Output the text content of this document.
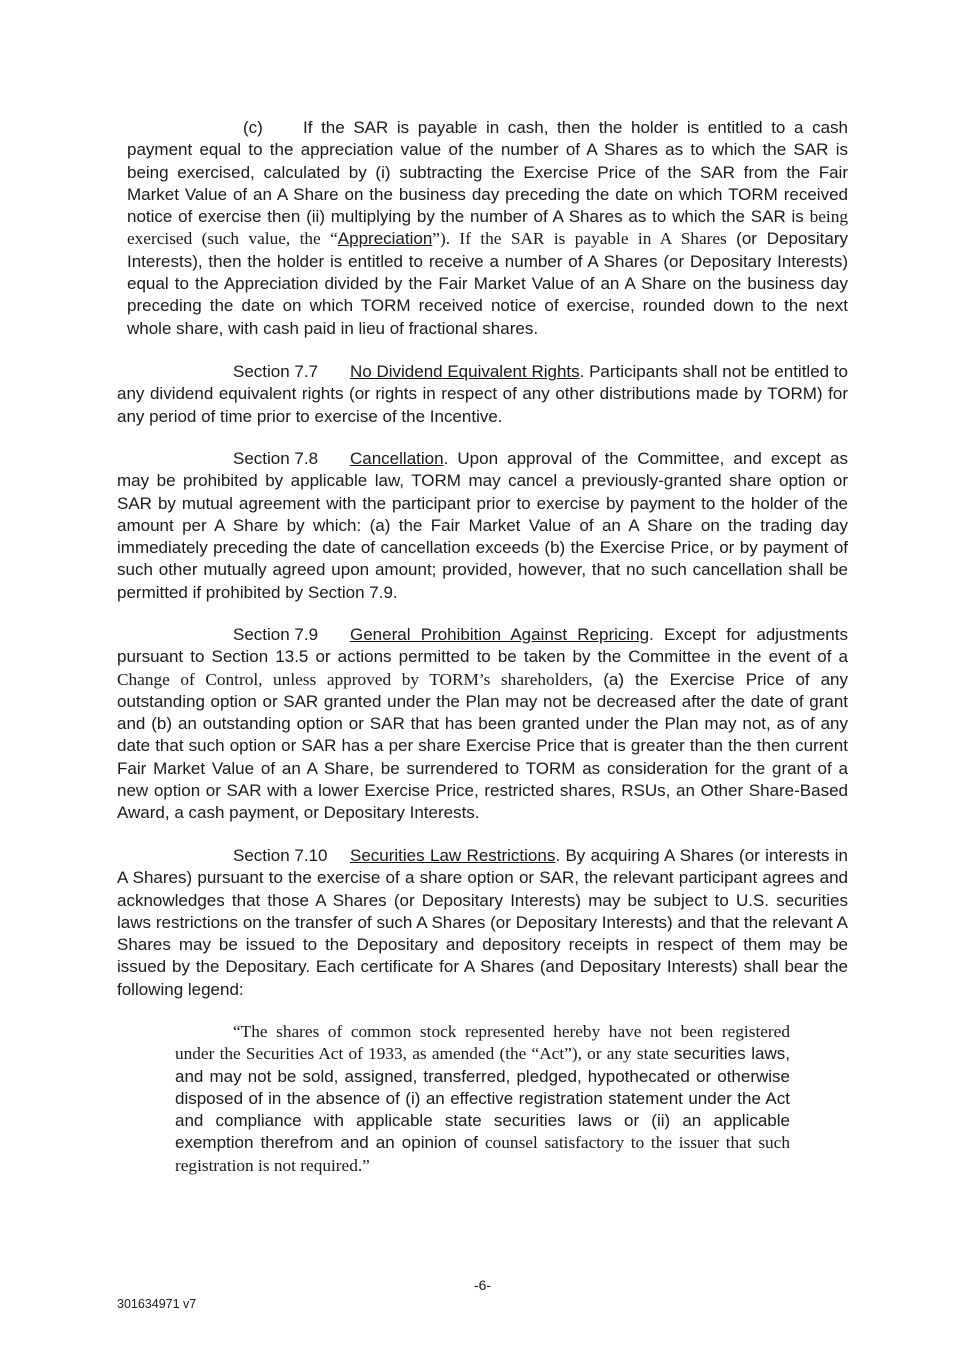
(c) If the SAR is payable in cash, then the holder is entitled to a cash payment equal to the appreciation value of the number of A Shares as to which the SAR is being exercised, calculated by (i) subtracting the Exercise Price of the SAR from the Fair Market Value of an A Share on the business day preceding the date on which TORM received notice of exercise then (ii) multiplying by the number of A Shares as to which the SAR is being exercised (such value, the “Appreciation”). If the SAR is payable in A Shares (or Depositary Interests), then the holder is entitled to receive a number of A Shares (or Depositary Interests) equal to the Appreciation divided by the Fair Market Value of an A Share on the business day preceding the date on which TORM received notice of exercise, rounded down to the next whole share, with cash paid in lieu of fractional shares.

Section 7.7 No Dividend Equivalent Rights. Participants shall not be entitled to any dividend equivalent rights (or rights in respect of any other distributions made by TORM) for any period of time prior to exercise of the Incentive.

Section 7.8 Cancellation. Upon approval of the Committee, and except as may be prohibited by applicable law, TORM may cancel a previously-granted share option or SAR by mutual agreement with the participant prior to exercise by payment to the holder of the amount per A Share by which: (a) the Fair Market Value of an A Share on the trading day immediately preceding the date of cancellation exceeds (b) the Exercise Price, or by payment of such other mutually agreed upon amount; provided, however, that no such cancellation shall be permitted if prohibited by Section 7.9.

Section 7.9 General Prohibition Against Repricing. Except for adjustments pursuant to Section 13.5 or actions permitted to be taken by the Committee in the event of a Change of Control, unless approved by TORM’s shareholders, (a) the Exercise Price of any outstanding option or SAR granted under the Plan may not be decreased after the date of grant and (b) an outstanding option or SAR that has been granted under the Plan may not, as of any date that such option or SAR has a per share Exercise Price that is greater than the then current Fair Market Value of an A Share, be surrendered to TORM as consideration for the grant of a new option or SAR with a lower Exercise Price, restricted shares, RSUs, an Other Share-Based Award, a cash payment, or Depositary Interests.

Section 7.10 Securities Law Restrictions. By acquiring A Shares (or interests in A Shares) pursuant to the exercise of a share option or SAR, the relevant participant agrees and acknowledges that those A Shares (or Depositary Interests) may be subject to U.S. securities laws restrictions on the transfer of such A Shares (or Depositary Interests) and that the relevant A Shares may be issued to the Depositary and depository receipts in respect of them may be issued by the Depositary. Each certificate for A Shares (and Depositary Interests) shall bear the following legend:

“The shares of common stock represented hereby have not been registered under the Securities Act of 1933, as amended (the “Act”), or any state securities laws, and may not be sold, assigned, transferred, pledged, hypothecated or otherwise disposed of in the absence of (i) an effective registration statement under the Act and compliance with applicable state securities laws or (ii) an applicable exemption therefrom and an opinion of counsel satisfactory to the issuer that such registration is not required.”

-6-
301634971 v7
